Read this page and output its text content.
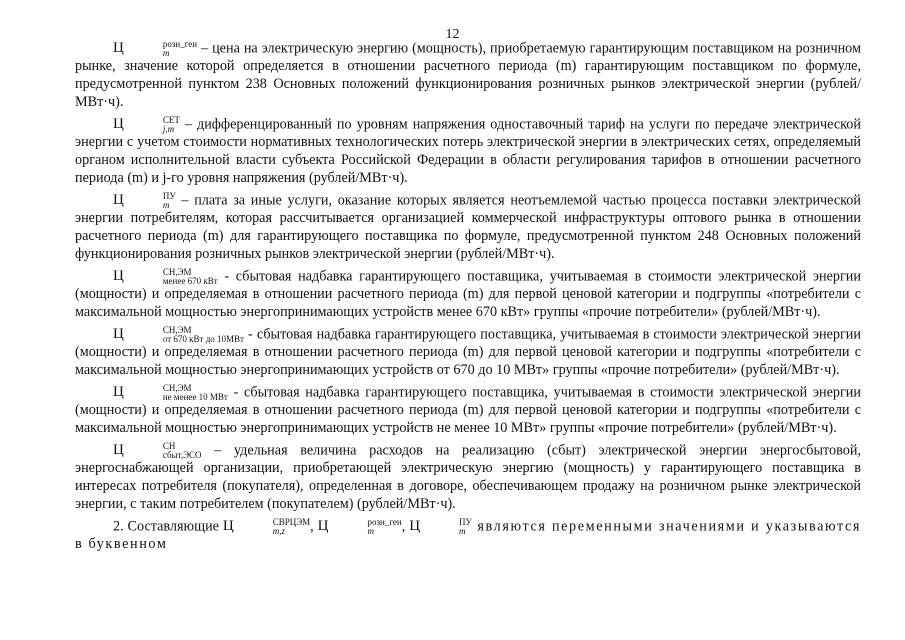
12

Ц	розн_ген
m	– цена на электрическую энергию (мощность), приобретаемую гарантирующим поставщиком на розничном рынке, значение которой определяется в отношении расчетного периода (m) гарантирующим поставщиком по формуле, предусмотренной пунктом 238 Основных положений функционирования розничных рынков электрической энергии (рублей/МВт·ч).

Ц	СЕТ
j,m – дифференцированный по уровням напряжения одноставочный тариф на услуги по передаче электрической энергии с учетом стоимости нормативных технологических потерь электрической энергии в электрических сетях, определяемый органом исполнительной власти субъекта Российской Федерации в области регулирования тарифов в отношении расчетного периода (m) и j-го уровня напряжения (рублей/МВт·ч).

Ц	ПУ
m – плата за иные услуги, оказание которых является неотъемлемой частью процесса поставки электрической энергии потребителям, которая рассчитывается организацией коммерческой инфраструктуры оптового рынка в отношении расчетного периода (m) для гарантирующего поставщика по формуле, предусмотренной пунктом 248 Основных положений функционирования розничных рынков электрической энергии (рублей/МВт·ч).

Ц	СН,ЭМ
менее 670 кВт - сбытовая надбавка гарантирующего поставщика, учитываемая в стоимости электрической энергии (мощности) и определяемая в отношении расчетного периода (m) для первой ценовой категории и подгруппы «потребители с максимальной мощностью энергопринимающих устройств менее 670 кВт» группы «прочие потребители» (рублей/МВт·ч).

Ц	СН,ЭМ
от 670 кВт до 10МВт - сбытовая надбавка гарантирующего поставщика, учитываемая в стоимости электрической энергии (мощности) и определяемая в отношении расчетного периода (m) для первой ценовой категории и подгруппы «потребители с максимальной мощностью энергопринимающих устройств от 670 до 10 МВт» группы «прочие потребители» (рублей/МВт·ч).

Ц	СН,ЭМ
не менее 10 МВт - сбытовая надбавка гарантирующего поставщика, учитываемая в стоимости электрической энергии (мощности) и определяемая в отношении расчетного периода (m) для первой ценовой категории и подгруппы «потребители с максимальной мощностью энергопринимающих устройств не менее 10 МВт» группы «прочие потребители» (рублей/МВт·ч).

Ц	СН
сбыт,ЭСО – удельная величина расходов на реализацию (сбыт) электрической энергии энергосбытовой, энергоснабжающей организации, приобретающей электрическую энергию (мощность) у гарантирующего поставщика в интересах потребителя (покупателя), определенная в договоре, обеспечивающем продажу на розничном рынке электрической энергии, с таким потребителем (покупателем) (рублей/МВт·ч).

2. Составляющие Ц	СВРЦЭМ
m,z	, Ц	розн_ген
m	, Ц	ПУ
m являются переменными значениями и указываются в буквенном
